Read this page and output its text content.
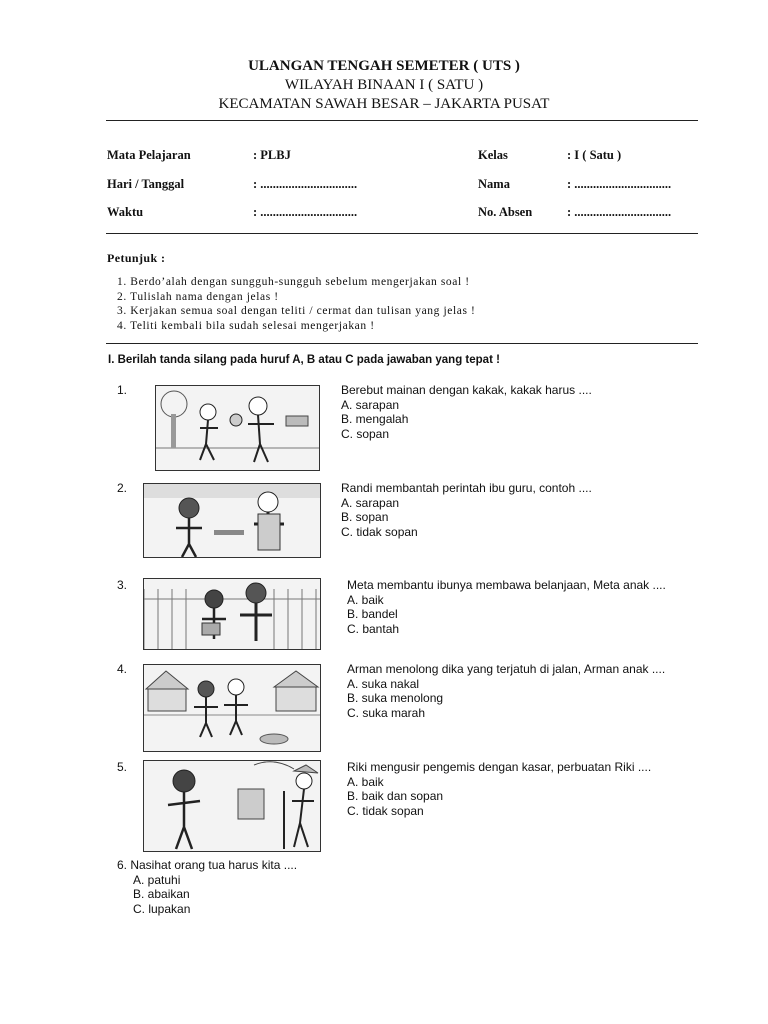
ULANGAN TENGAH SEMETER ( UTS )
WILAYAH BINAAN I ( SATU )
KECAMATAN SAWAH BESAR – JAKARTA PUSAT
Mata Pelajaran	: PLBJ	Kelas	: I ( Satu )
Hari / Tanggal	: ...............................	Nama	: ...............................
Waktu	: ...............................	No. Absen	: ...............................
Petunjuk :
1. Berdo’alah dengan sungguh-sungguh sebelum mengerjakan soal !
2. Tulislah nama dengan jelas !
3. Kerjakan semua soal dengan teliti / cermat dan tulisan yang jelas !
4. Teliti kembali bila sudah selesai mengerjakan !
I. Berilah tanda silang pada huruf A, B atau C pada jawaban yang tepat !
1.	Berebut mainan dengan kakak, kakak harus ....
A. sarapan
B. mengalah
C. sopan
2.	Randi membantah perintah ibu guru, contoh ....
A. sarapan
B. sopan
C. tidak sopan
3.	Meta membantu ibunya membawa belanjaan, Meta anak ....
A. baik
B. bandel
C. bantah
4.	Arman menolong dika yang terjatuh di jalan, Arman anak ....
A. suka nakal
B. suka menolong
C. suka marah
5.	Riki mengusir pengemis dengan kasar, perbuatan Riki ....
A. baik
B. baik dan sopan
C. tidak sopan
6. Nasihat orang tua harus kita ....
A. patuhi
B. abaikan
C. lupakan
